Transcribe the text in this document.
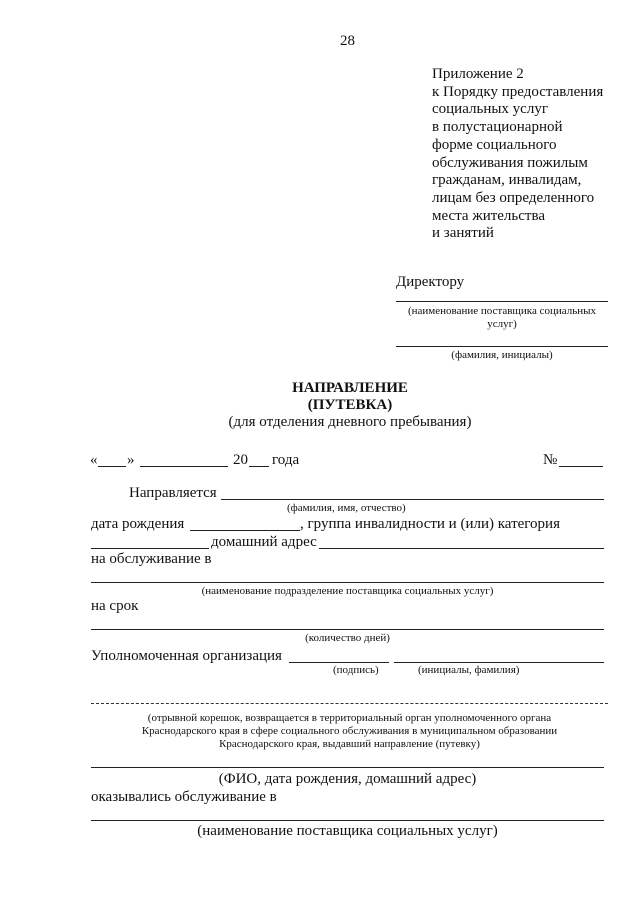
28
Приложение 2
к Порядку предоставления
социальных услуг
в полустационарной
форме социального
обслуживания пожилым
гражданам, инвалидам,
лицам без определенного
места жительства
и занятий
Директору
(наименование поставщика социальных
услуг)
(фамилия, инициалы)
НАПРАВЛЕНИЕ
(ПУТЕВКА)
(для отделения дневного пребывания)
« »	20 года	№
Направляется
(фамилия, имя, отчество)
дата рождения	, группа инвалидности и (или) категория
домашний адрес
на обслуживание в
(наименование подразделение поставщика социальных услуг)
на срок
(количество дней)
Уполномоченная организация
(подпись)	(инициалы, фамилия)
(отрывной корешок, возвращается в территориальный орган уполномоченного органа
Краснодарского края в сфере социального обслуживания в муниципальном образовании
Краснодарского края, выдавший направление (путевку)
(ФИО, дата рождения, домашний адрес)
оказывались обслуживание в
(наименование поставщика социальных услуг)
